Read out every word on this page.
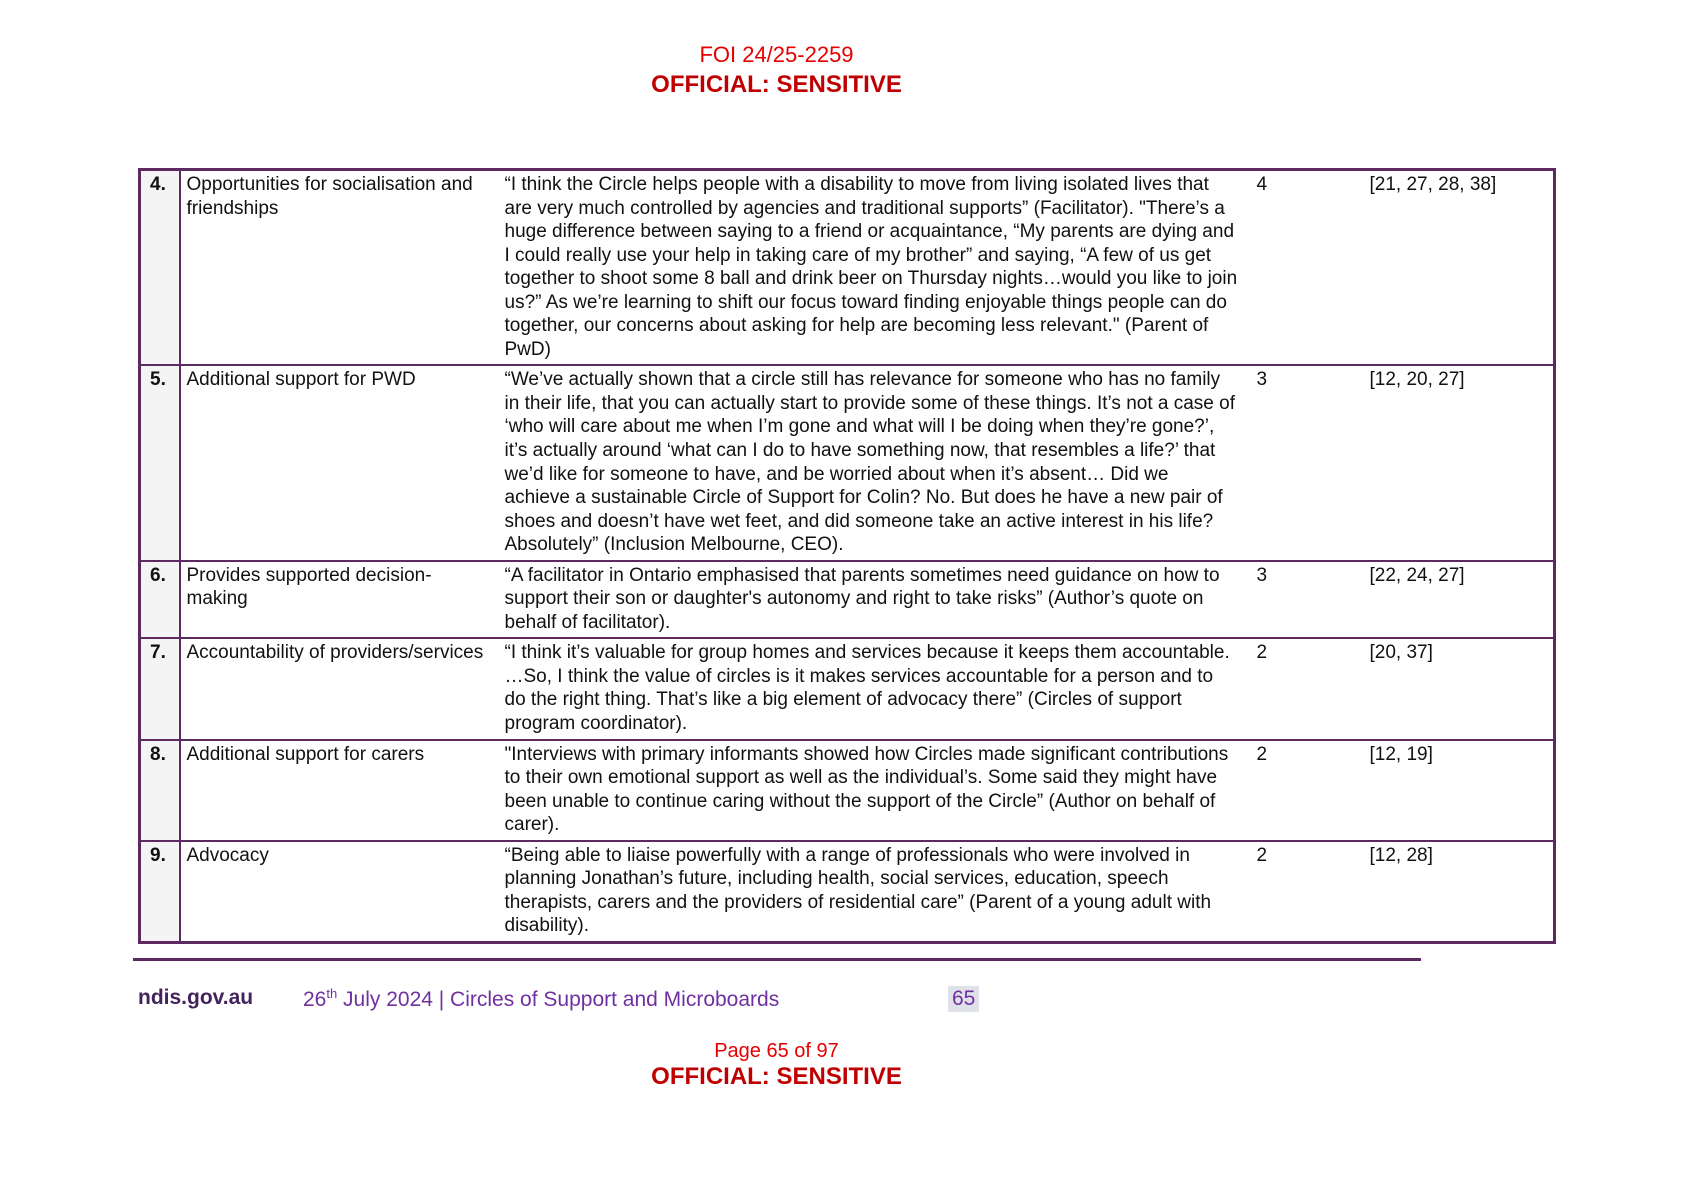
FOI 24/25-2259
OFFICIAL: SENSITIVE
4.	Opportunities for socialisation and friendships	“I think the Circle helps people with a disability to move from living isolated lives that are very much controlled by agencies and traditional supports” (Facilitator). "There’s a huge difference between saying to a friend or acquaintance, “My parents are dying and I could really use your help in taking care of my brother” and saying, “A few of us get together to shoot some 8 ball and drink beer on Thursday nights…would you like to join us?” As we’re learning to shift our focus toward finding enjoyable things people can do together, our concerns about asking for help are becoming less relevant." (Parent of PwD)	4	[21, 27, 28, 38]
5.	Additional support for PWD	“We’ve actually shown that a circle still has relevance for someone who has no family in their life, that you can actually start to provide some of these things. It’s not a case of ‘who will care about me when I’m gone and what will I be doing when they’re gone?’, it’s actually around ‘what can I do to have something now, that resembles a life?’ that we’d like for someone to have, and be worried about when it’s absent… Did we achieve a sustainable Circle of Support for Colin? No. But does he have a new pair of shoes and doesn’t have wet feet, and did someone take an active interest in his life? Absolutely” (Inclusion Melbourne, CEO).	3	[12, 20, 27]
6.	Provides supported decision-making	“A facilitator in Ontario emphasised that parents sometimes need guidance on how to support their son or daughter's autonomy and right to take risks” (Author’s quote on behalf of facilitator).	3	[22, 24, 27]
7.	Accountability of providers/services	“I think it’s valuable for group homes and services because it keeps them accountable. …So, I think the value of circles is it makes services accountable for a person and to do the right thing. That’s like a big element of advocacy there” (Circles of support program coordinator).	2	[20, 37]
8.	Additional support for carers	"Interviews with primary informants showed how Circles made significant contributions to their own emotional support as well as the individual’s. Some said they might have been unable to continue caring without the support of the Circle” (Author on behalf of carer).	2	[12, 19]
9.	Advocacy	“Being able to liaise powerfully with a range of professionals who were involved in planning Jonathan’s future, including health, social services, education, speech therapists, carers and the providers of residential care” (Parent of a young adult with disability).	2	[12, 28]
ndis.gov.au 26th July 2024 | Circles of Support and Microboards	65
Page 65 of 97
OFFICIAL: SENSITIVE
